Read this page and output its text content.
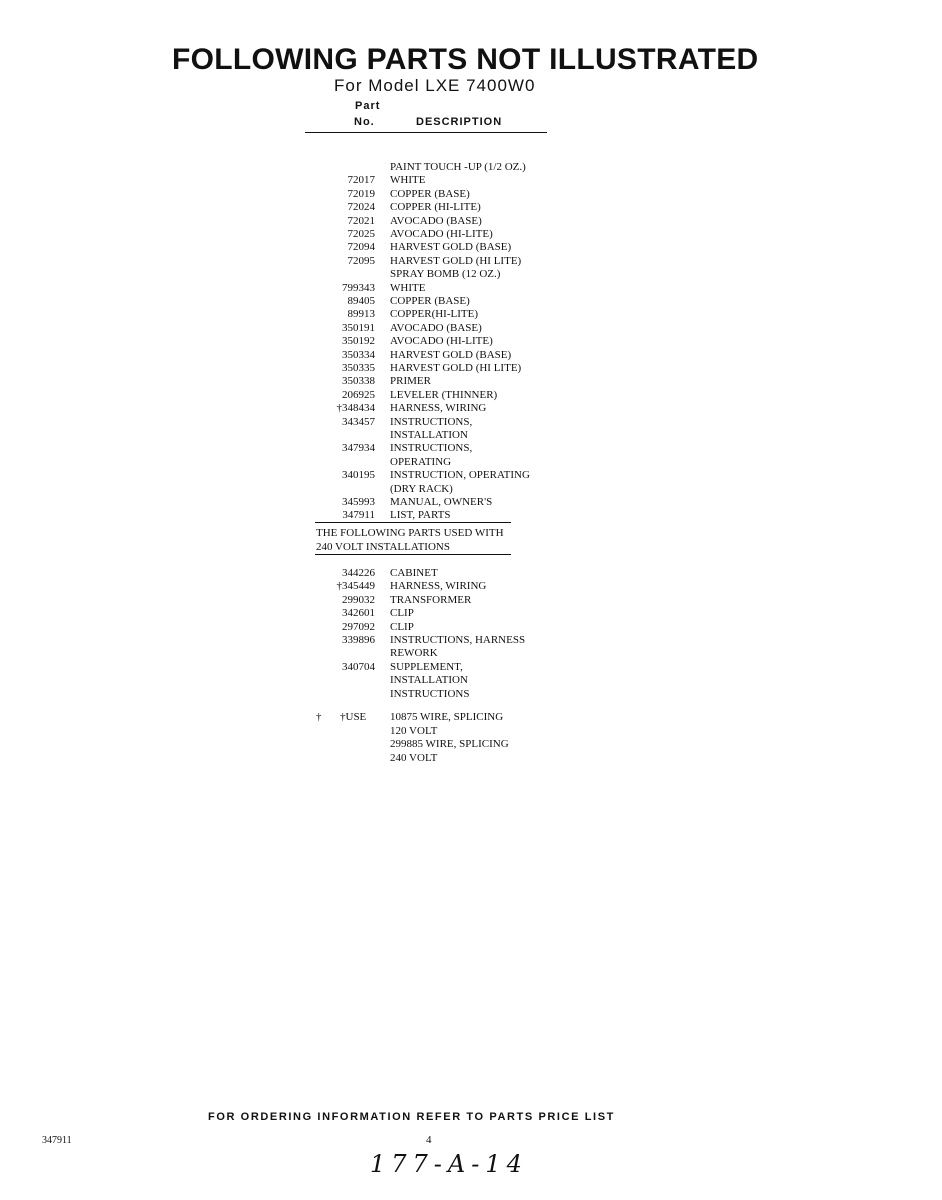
FOLLOWING PARTS NOT ILLUSTRATED
For Model LXE 7400W0
Part
No.	DESCRIPTION
PAINT TOUCH -UP (1/2 OZ.)
72017 WHITE
72019 COPPER (BASE)
72024 COPPER (HI-LITE)
72021 AVOCADO (BASE)
72025 AVOCADO (HI-LITE)
72094 HARVEST GOLD (BASE)
72095 HARVEST GOLD (HI LITE)
SPRAY BOMB (12 OZ.)
799343 WHITE
89405 COPPER (BASE)
89913 COPPER(HI-LITE)
350191 AVOCADO (BASE)
350192 AVOCADO (HI-LITE)
350334 HARVEST GOLD (BASE)
350335 HARVEST GOLD (HI LITE)
350338 PRIMER
206925 LEVELER (THINNER)
†348434 HARNESS, WIRING
343457 INSTRUCTIONS,
INSTALLATION
347934 INSTRUCTIONS,
OPERATING
340195 INSTRUCTION, OPERATING
(DRY RACK)
345993 MANUAL, OWNER'S
347911 LIST, PARTS
THE FOLLOWING PARTS USED WITH
240 VOLT INSTALLATIONS
344226 CABINET
†345449 HARNESS, WIRING
299032 TRANSFORMER
342601 CLIP
297092 CLIP
339896 INSTRUCTIONS, HARNESS
REWORK
340704 SUPPLEMENT,
INSTALLATION
INSTRUCTIONS
† †USE 10875 WIRE, SPLICING
120 VOLT
299885 WIRE, SPLICING
240 VOLT
FOR ORDERING INFORMATION REFER TO PARTS PRICE LIST
347911	4
177-A-14
